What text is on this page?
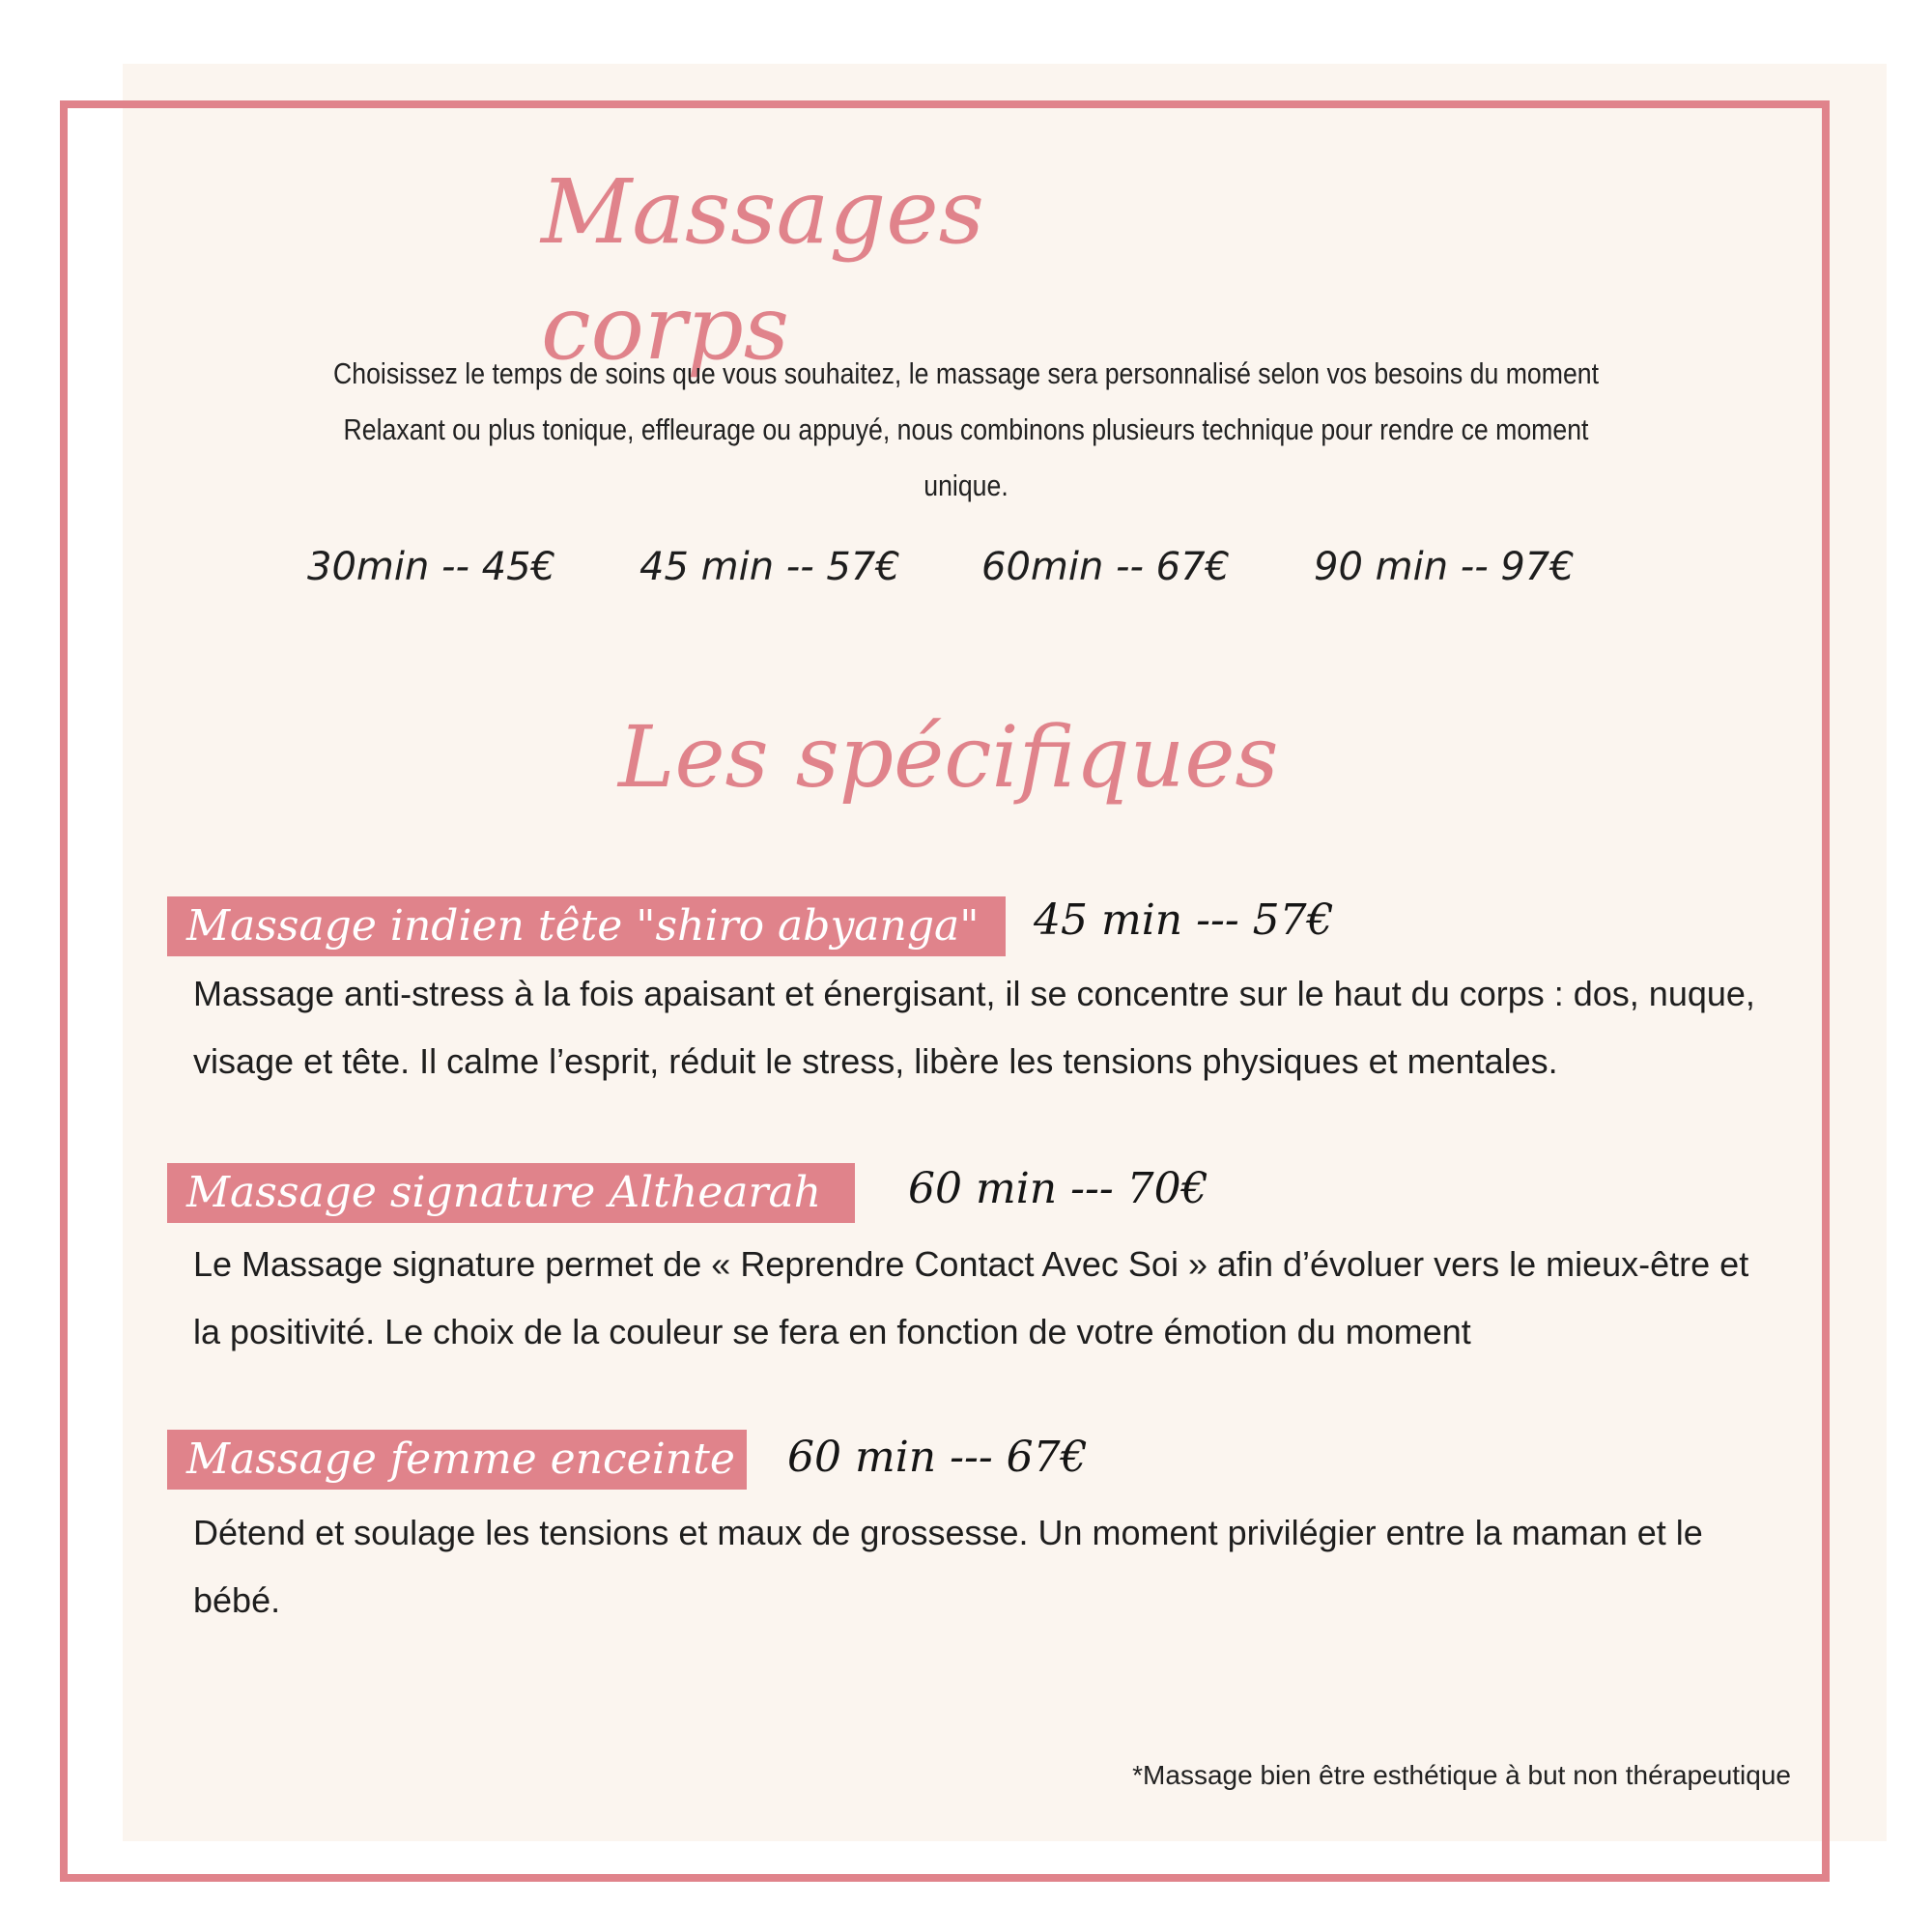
Massages corps
Choisissez le temps de soins que vous souhaitez, le massage sera personnalisé selon vos besoins du moment
Relaxant ou plus tonique, effleurage ou appuyé, nous combinons plusieurs technique pour rendre ce moment
unique.
30min -- 45€ 45 min -- 57€ 60min -- 67€ 90 min -- 97€
Les spécifiques
Massage indien tête "shiro abyanga"	45 min --- 57€
Massage anti-stress à la fois apaisant et énergisant, il se concentre sur le haut du corps : dos, nuque, visage et tête. Il calme l’esprit, réduit le stress, libère les tensions physiques et mentales.
Massage signature Althearah	60 min --- 70€
Le Massage signature permet de « Reprendre Contact Avec Soi » afin d’évoluer vers le mieux-être et la positivité. Le choix de la couleur se fera en fonction de votre émotion du moment
Massage femme enceinte 60 min --- 67€
Détend et soulage les tensions et maux de grossesse. Un moment privilégier entre la maman et le bébé.
*Massage bien être esthétique à but non thérapeutique
